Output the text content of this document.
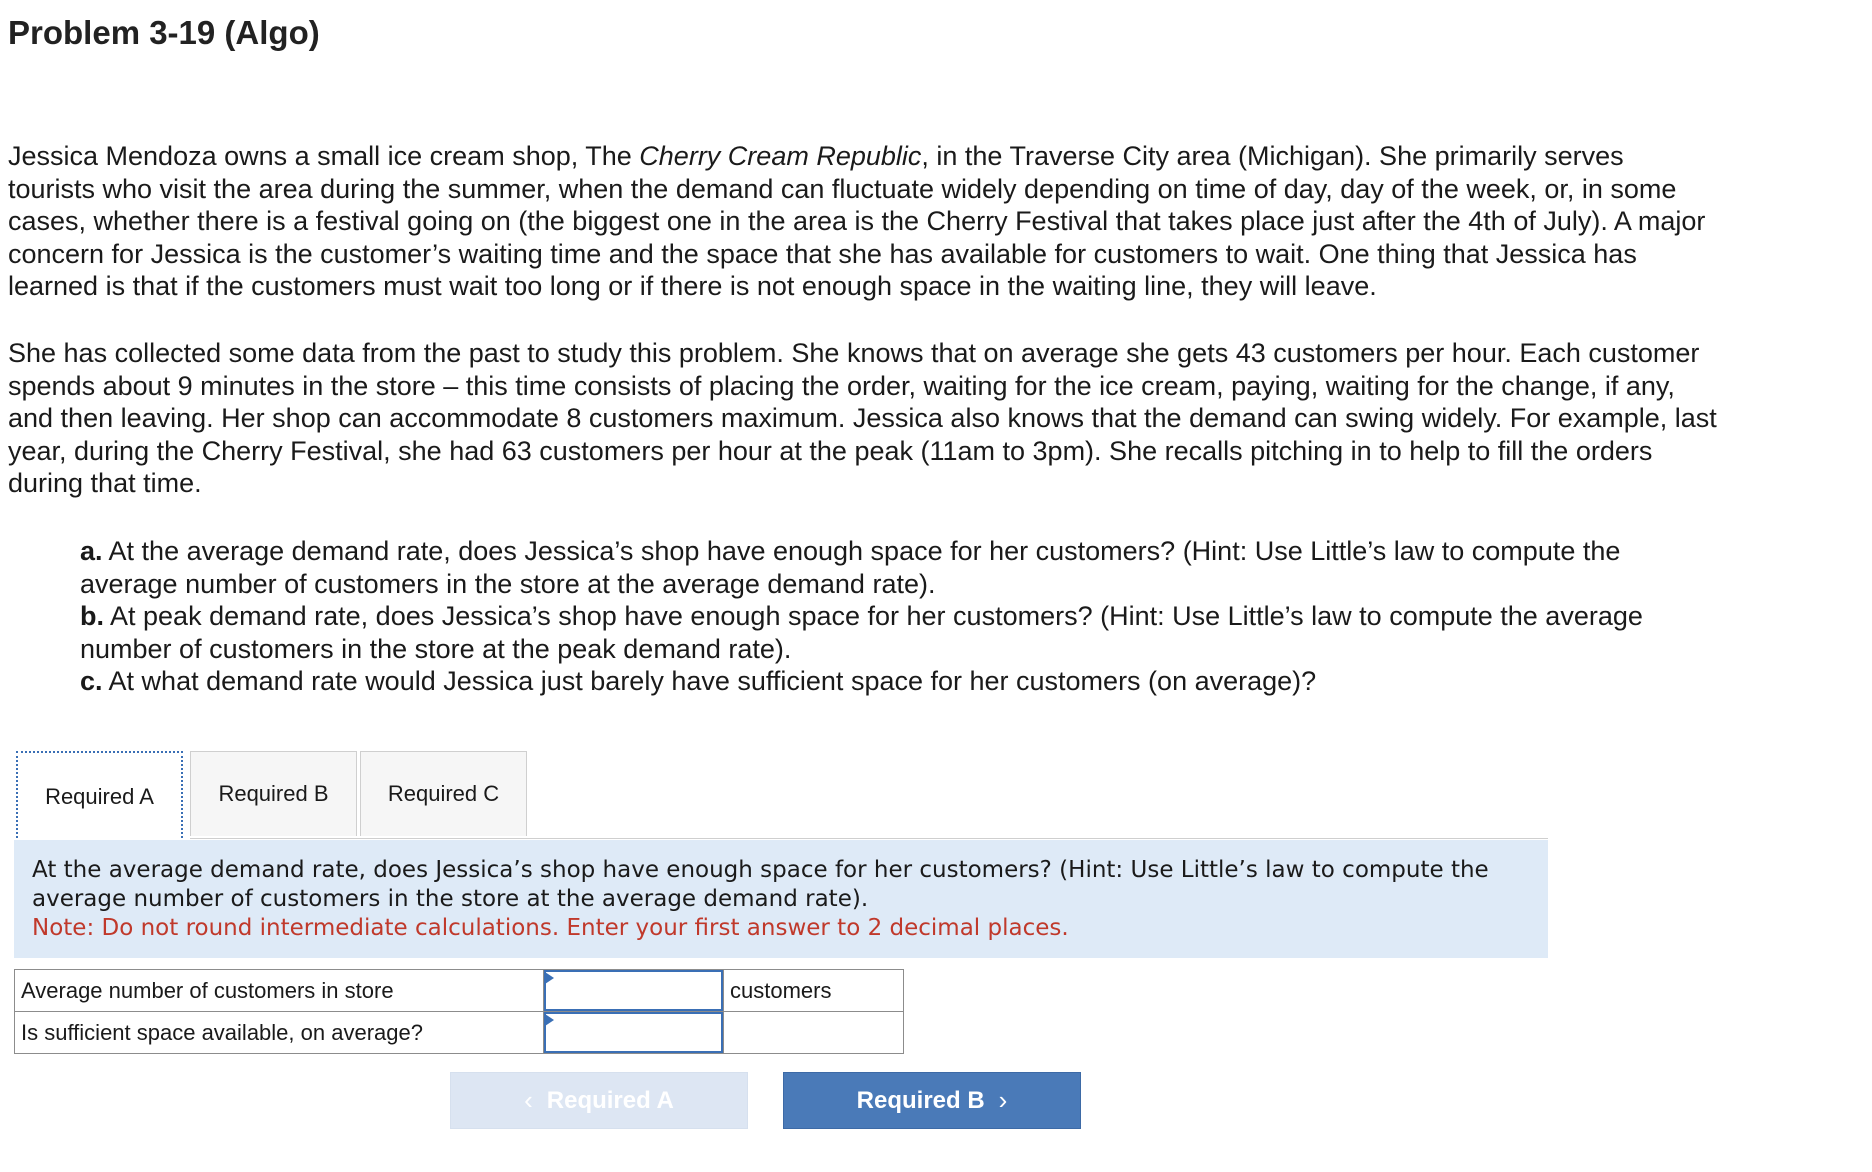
Problem 3-19 (Algo)

Jessica Mendoza owns a small ice cream shop, The Cherry Cream Republic, in the Traverse City area (Michigan). She primarily serves tourists who visit the area during the summer, when the demand can fluctuate widely depending on time of day, day of the week, or, in some cases, whether there is a festival going on (the biggest one in the area is the Cherry Festival that takes place just after the 4th of July). A major concern for Jessica is the customer’s waiting time and the space that she has available for customers to wait. One thing that Jessica has learned is that if the customers must wait too long or if there is not enough space in the waiting line, they will leave.

She has collected some data from the past to study this problem. She knows that on average she gets 43 customers per hour. Each customer spends about 9 minutes in the store – this time consists of placing the order, waiting for the ice cream, paying, waiting for the change, if any, and then leaving. Her shop can accommodate 8 customers maximum. Jessica also knows that the demand can swing widely. For example, last year, during the Cherry Festival, she had 63 customers per hour at the peak (11am to 3pm). She recalls pitching in to help to fill the orders during that time.

a. At the average demand rate, does Jessica’s shop have enough space for her customers? (Hint: Use Little’s law to compute the average number of customers in the store at the average demand rate).

b. At peak demand rate, does Jessica’s shop have enough space for her customers? (Hint: Use Little’s law to compute the average number of customers in the store at the peak demand rate).

c. At what demand rate would Jessica just barely have sufficient space for her customers (on average)?

Required A	Required B	Required C

At the average demand rate, does Jessica’s shop have enough space for her customers? (Hint: Use Little’s law to compute the average number of customers in the store at the average demand rate).

Note: Do not round intermediate calculations. Enter your first answer to 2 decimal places.

Average number of customers in store		customers
Is sufficient space available, on average?	

‹ Required A	Required B ›
